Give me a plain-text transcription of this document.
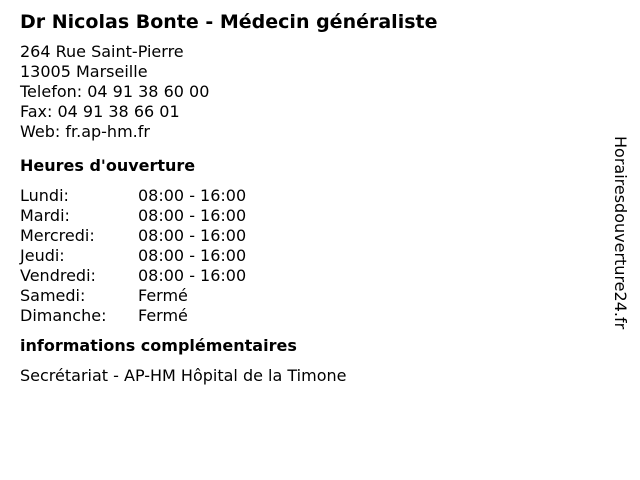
Dr Nicolas Bonte - Médecin généraliste
264 Rue Saint-Pierre
13005 Marseille
Telefon: 04 91 38 60 00
Fax: 04 91 38 66 01
Web: fr.ap-hm.fr
Heures d'ouverture
Lundi:	08:00 - 16:00
Mardi:	08:00 - 16:00
Mercredi:	08:00 - 16:00
Jeudi:	08:00 - 16:00
Vendredi:	08:00 - 16:00
Samedi:	Fermé
Dimanche:	Fermé
informations complémentaires
Secrétariat - AP-HM Hôpital de la Timone
Horairesdouverture24.fr
